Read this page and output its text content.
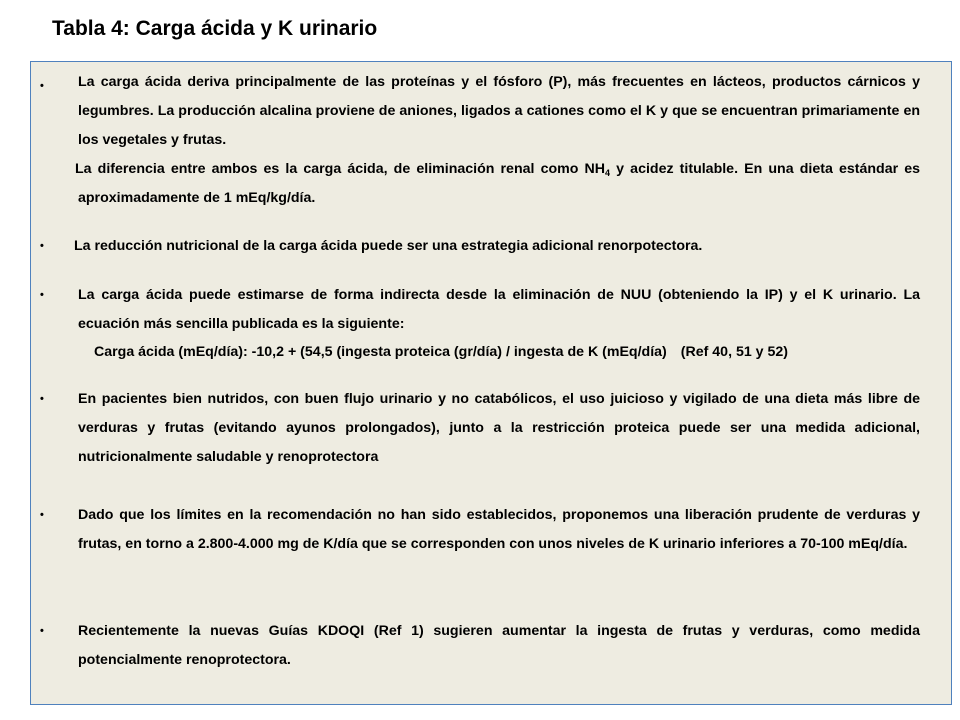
Tabla 4: Carga ácida y K urinario
• La carga ácida deriva principalmente de las proteínas y el fósforo (P), más frecuentes en lácteos, productos cárnicos y legumbres. La producción alcalina proviene de aniones, ligados a cationes como el K y que se encuentran primariamente en los vegetales y frutas.

La diferencia entre ambos es la carga ácida, de eliminación renal como $NH_4$ y acidez titulable. En una dieta estándar es aproximadamente de 1 mEq/kg/día.

• La reducción nutricional de la carga ácida puede ser una estrategia adicional renorpotectora.

• La carga ácida puede estimarse de forma indirecta desde la eliminación de NUU (obteniendo la IP) y el K urinario. La ecuación más sencilla publicada es la siguiente:

Carga ácida (mEq/día): -10,2 + (54,5 (ingesta proteica (gr/día) / ingesta de K (mEq/día) (Ref 40, 51 y 52)
• En pacientes bien nutridos, con buen flujo urinario y no catabólicos, el uso juicioso y vigilado de una dieta más libre de verduras y frutas (evitando ayunos prolongados), junto a la restricción proteica puede ser una medida adicional, nutricionalmente saludable y renoprotectora

• Dado que los límites en la recomendación no han sido establecidos, proponemos una liberación prudente de verduras y frutas, en torno a 2.800-4.000 mg de K/día que se corresponden con unos niveles de K urinario inferiores a 70-100 mEq/día.

• Recientemente la nuevas Guías KDOQI (Ref 1) sugieren aumentar la ingesta de frutas y verduras, como medida potencialmente renoprotectora.
